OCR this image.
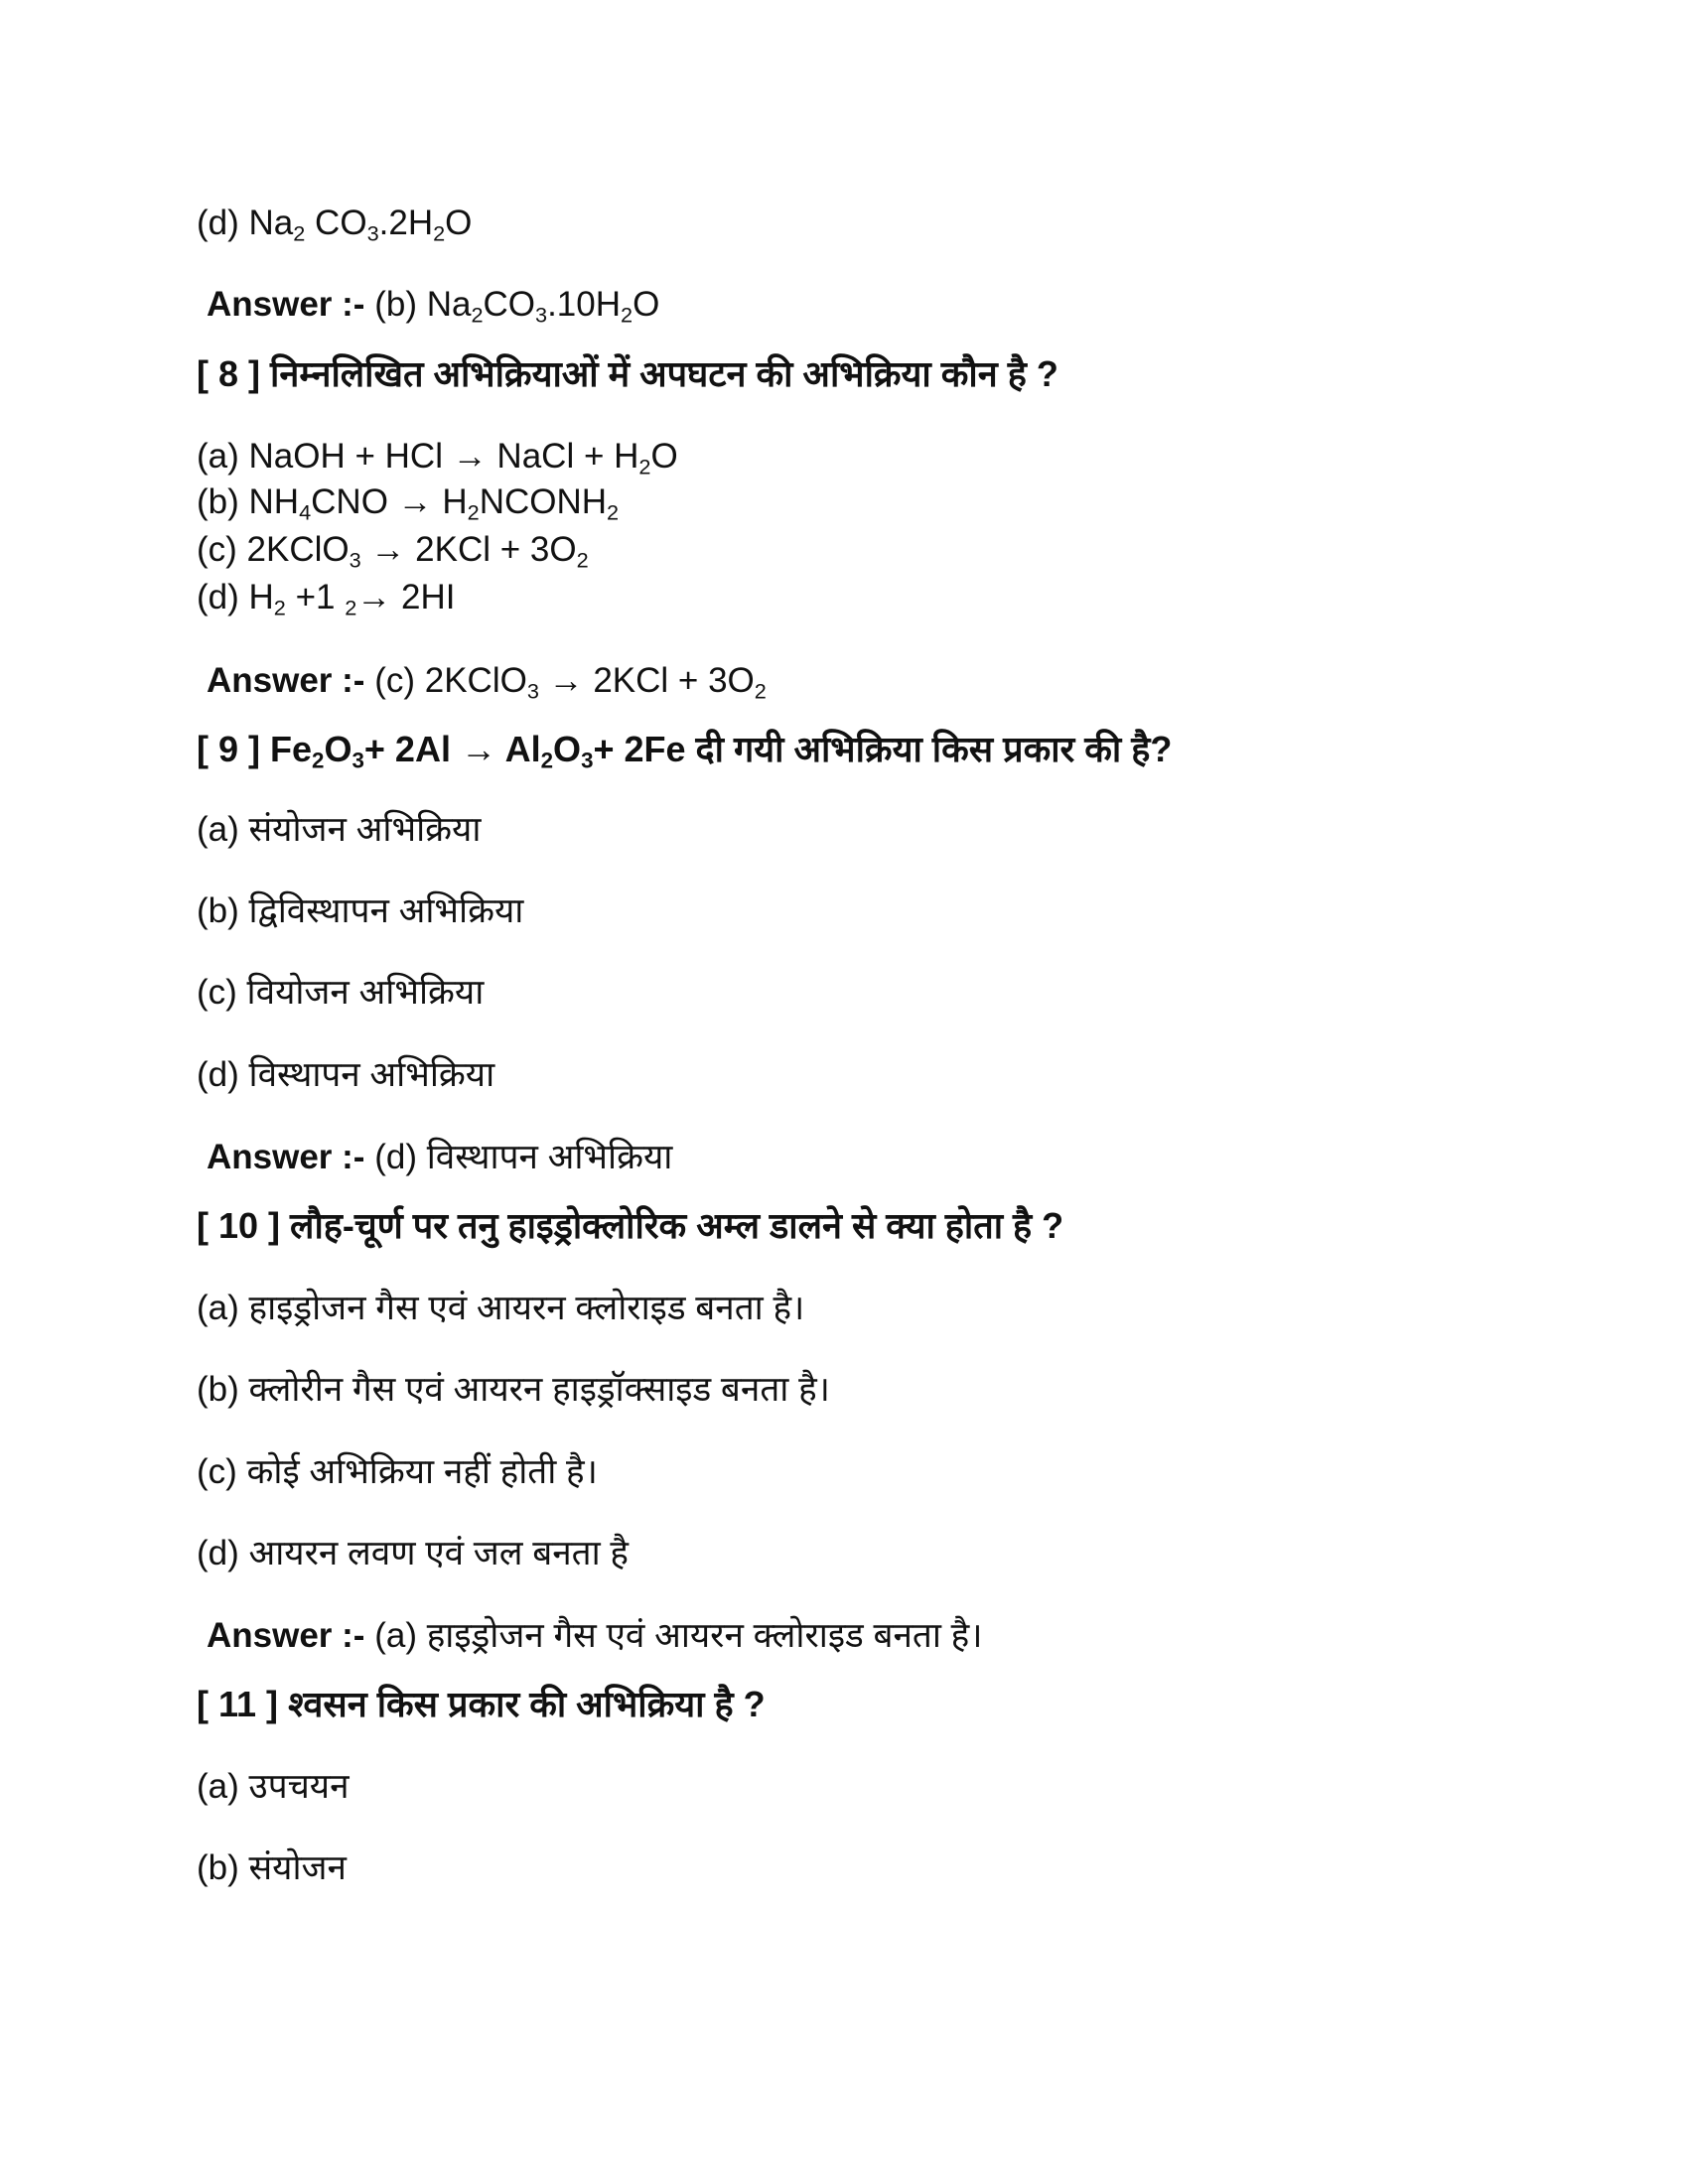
(d) $Na_2$ $CO_3.2H_2O$
Answer :- (b) $Na_2CO_3.10H_2O$
[ 8 ] निम्नलिखित अभिक्रियाओं में अपघटन की अभिक्रिया कौन है ?
(a) NaOH + HCl → NaCl + $H_2O$
(b) $NH_4CNO$ → $H_2NCONH_2$
(c) 2KClO$_3$ → $2KCl + 3O_2$
(d) $H_2 +1$ $_2$→ 2HI
Answer :- (c) 2KClO$_3$ → $2KCl + 3O_2$
[ 9 ] $Fe_2O_3+ 2Al \to Al_2O_3+ 2Fe$ दी गयी अभिक्रिया किस प्रकार की है?
(a) संयोजन अभिक्रिया
(b) द्विविस्थापन अभिक्रिया
(c) वियोजन अभिक्रिया
(d) विस्थापन अभिक्रिया
Answer :- (d) विस्थापन अभिक्रिया
[ 10 ] लौह-चूर्ण पर तनु हाइड्रोक्लोरिक अम्ल डालने से क्या होता है ?
(a) हाइड्रोजन गैस एवं आयरन क्लोराइड बनता है।
(b) क्लोरीन गैस एवं आयरन हाइड्रॉक्साइड बनता है।
(c) कोई अभिक्रिया नहीं होती है।
(d) आयरन लवण एवं जल बनता है
Answer :- (a) हाइड्रोजन गैस एवं आयरन क्लोराइड बनता है।
[ 11 ] श्वसन किस प्रकार की अभिक्रिया है ?
(a) उपचयन
(b) संयोजन
